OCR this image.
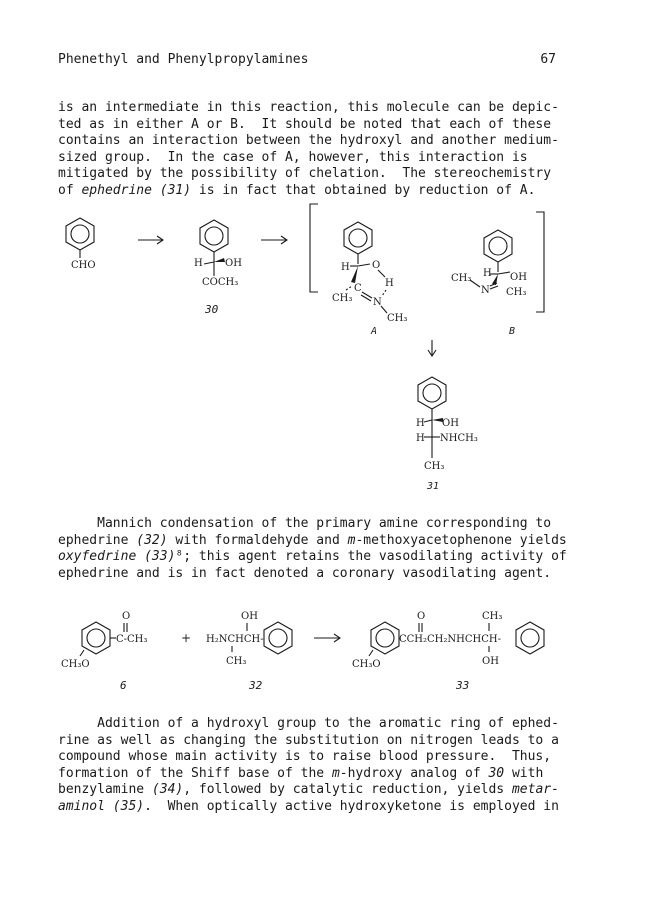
Phenethyl and Phenylpropylamines	67

is an intermediate in this reaction, this molecule can be depic-
ted as in either A or B.  It should be noted that each of these
contains an interaction between the hydroxyl and another medium-
sized group.  In the case of A, however, this interaction is
mitigated by the possibility of chelation.  The stereochemistry
of ephedrine (31) is in fact that obtained by reduction of A.

Mannich condensation of the primary amine corresponding to
ephedrine (32) with formaldehyde and m-methoxyacetophenone yields
oxyfedrine (33)⁸; this agent retains the vasodilating activity of
ephedrine and is in fact denoted a coronary vasodilating agent.

Addition of a hydroxyl group to the aromatic ring of ephed-
rine as well as changing the substitution on nitrogen leads to a
compound whose main activity is to raise blood pressure.  Thus,
formation of the Shiff base of the m-hydroxy analog of 30 with
benzylamine (34), followed by catalytic reduction, yields metar-
aminol (35).  When optically active hydroxyketone is employed in

CHO	H OH
COCH₃
30
H O
H
C
CH₃ N
CH₃
A
H OH
CH₃
N CH₃
B
H OH
H NHCH₃
CH₃
31
O
C-CH₃
CH₃O
6
+
OH
H₂NCHCH-
CH₃
32
CH₃O
O
CCH₂CH₂NHCHCH-
CH₃
OH
33
